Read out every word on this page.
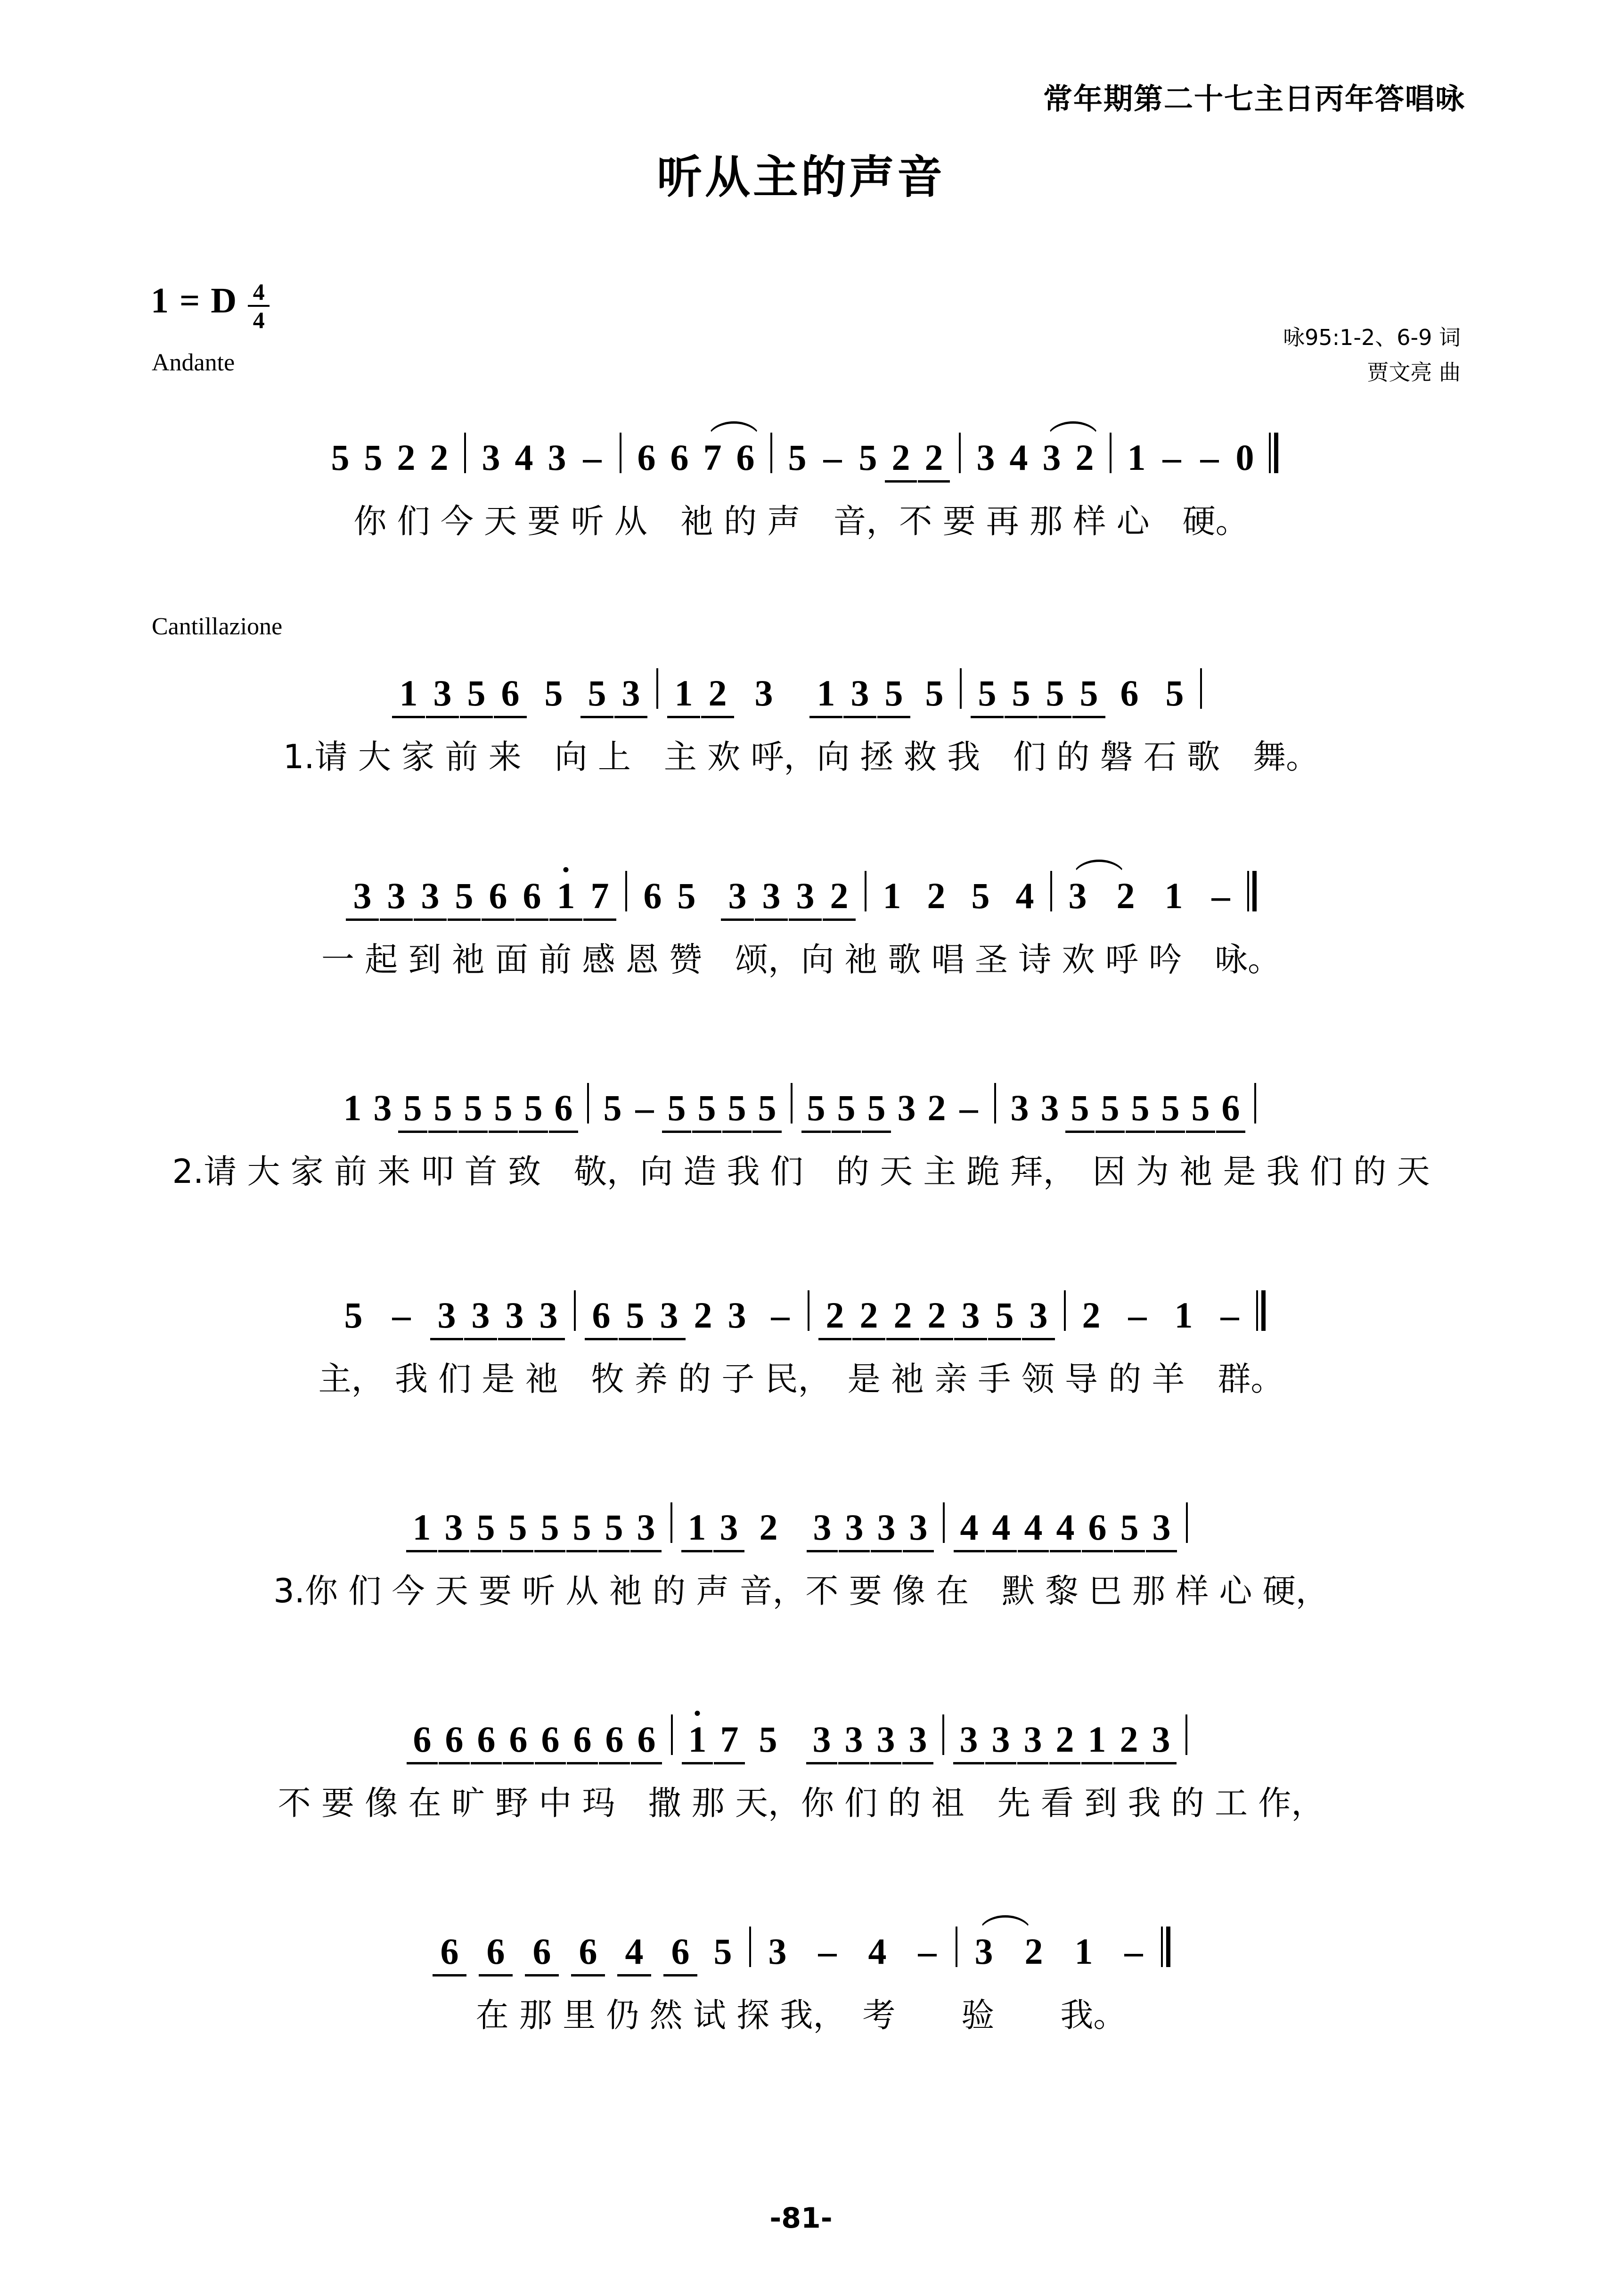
常年期第二十七主日丙年答唱咏
听从主的声音
1 = D $\frac{4}{4}$
Andante
咏95:1-2、6-9 词
贾文亮 曲
5 5 2 2 3 4 3 – 6 6 7 6 5 – 5 2 2 3 4 3 2 1 – – 0
你 们 今 天 要 听 从　祂 的 声　音，不 要 再 那 样 心　硬。
Cantillazione
1 3 5 6 5 5 3 1 2 3 1 3 5 5 5 5 5 5 6 5
1.请 大 家 前 来　向 上　主 欢 呼，向 拯 救 我　们 的 磐 石 歌　舞。
3 3 3 5 6 6 1 7 6 5 3 3 3 2 1 2 5 4 3 2 1 –
一 起 到 祂 面 前 感 恩 赞　颂，向 祂 歌 唱 圣 诗 欢 呼 吟　咏。
1 3 5 5 5 5 5 6 5 – 5 5 5 5 5 5 5 3 2 – 3 3 5 5 5 5 5 6
2.请 大 家 前 来 叩 首 致　敬，向 造 我 们　的 天 主 跪 拜，　因 为 祂 是 我 们 的 天
5 – 3 3 3 3 6 5 3 2 3 – 2 2 2 2 3 5 3 2 – 1 –
主， 我 们 是 祂　牧 养 的 子 民，　是 祂 亲 手 领 导 的 羊　群。
1 3 5 5 5 5 5 3 1 3 2 3 3 3 3 4 4 4 4 6 5 3
3.你 们 今 天 要 听 从 祂 的 声 音，不 要 像 在　默 黎 巴 那 样 心 硬，
6 6 6 6 6 6 6 6 1 7 5 3 3 3 3 3 3 3 2 1 2 3
不 要 像 在 旷 野 中 玛　撒 那 天，你 们 的 祖　先 看 到 我 的 工 作，
6 6 6 6 4 6 5 3 – 4 – 3 2 1 –
在 那 里 仍 然 试 探 我，　考　　验　　我。
-81-
